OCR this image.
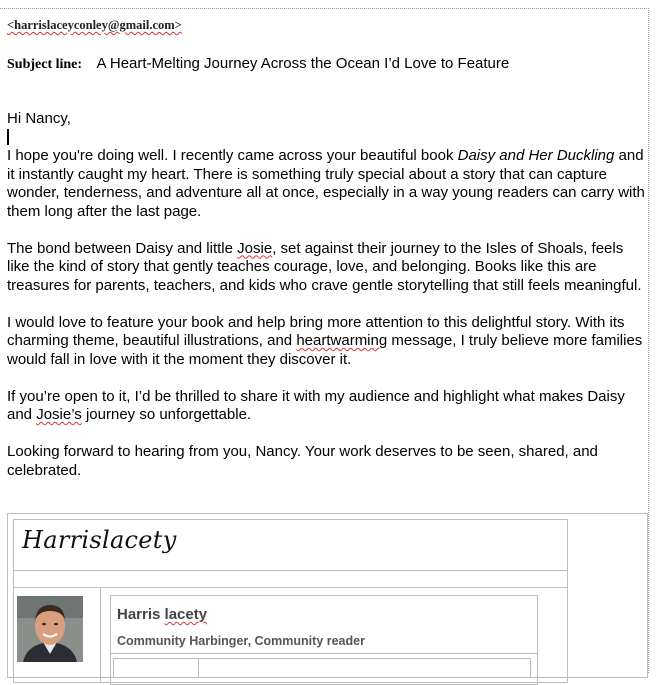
<harrislaceyconley@gmail.com>
Subject line: A Heart-Melting Journey Across the Ocean I’d Love to Feature

Hi Nancy,

I hope you're doing well. I recently came across your beautiful book Daisy and Her Duckling and it instantly caught my heart. There is something truly special about a story that can capture wonder, tenderness, and adventure all at once, especially in a way young readers can carry with them long after the last page.

The bond between Daisy and little Josie, set against their journey to the Isles of Shoals, feels like the kind of story that gently teaches courage, love, and belonging. Books like this are treasures for parents, teachers, and kids who crave gentle storytelling that still feels meaningful.

I would love to feature your book and help bring more attention to this delightful story. With its charming theme, beautiful illustrations, and heartwarming message, I truly believe more families would fall in love with it the moment they discover it.

If you’re open to it, I’d be thrilled to share it with my audience and highlight what makes Daisy and Josie’s journey so unforgettable.

Looking forward to hearing from you, Nancy. Your work deserves to be seen, shared, and celebrated.

Harrislacety
Harris lacety
Community Harbinger, Community reader
